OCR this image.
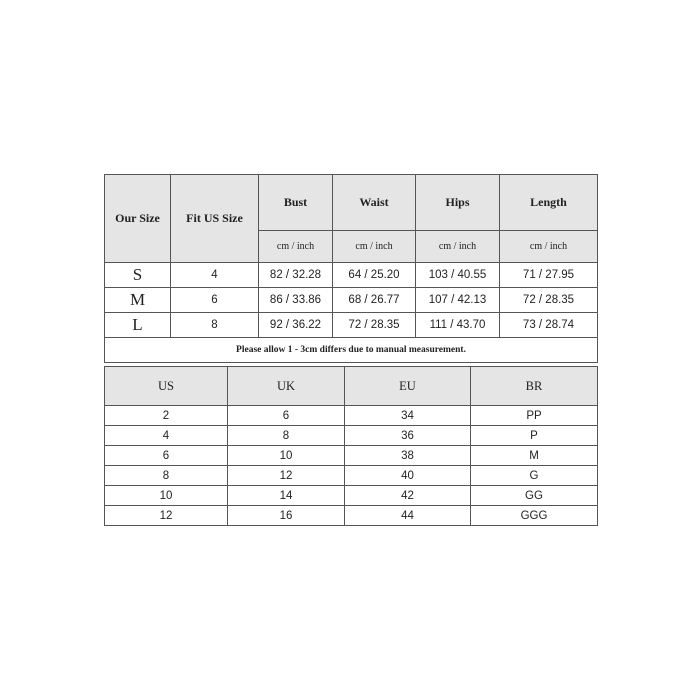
Our Size	Fit US Size	Bust	Waist	Hips	Length
		cm / inch	cm / inch	cm / inch	cm / inch
S	4	82 / 32.28	64 / 25.20	103 / 40.55	71 / 27.95
M	6	86 / 33.86	68 / 26.77	107 / 42.13	72 / 28.35
L	8	92 / 36.22	72 / 28.35	111 / 43.70	73 / 28.74
Please allow 1 - 3cm differs due to manual measurement.					
US	UK	EU	BR
2	6	34	PP
4	8	36	P
6	10	38	M
8	12	40	G
10	14	42	GG
12	16	44	GGG
